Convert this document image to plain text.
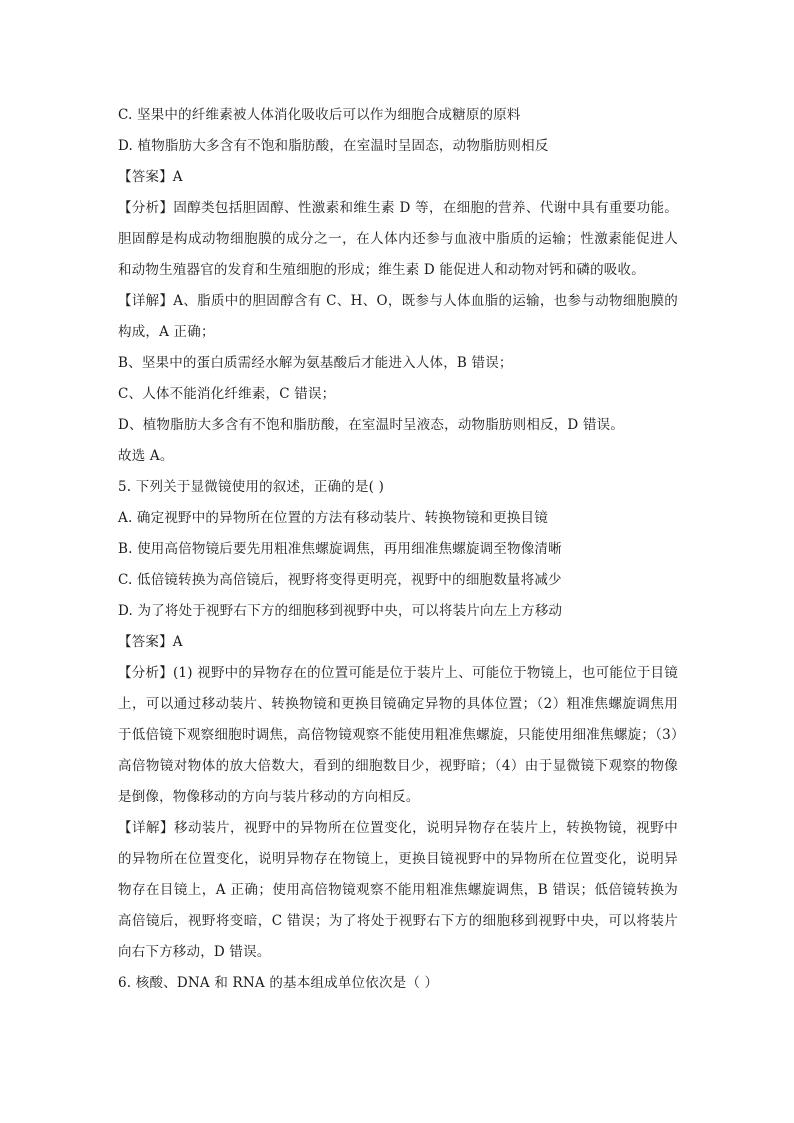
C. 坚果中的纤维素被人体消化吸收后可以作为细胞合成糖原的原料
D. 植物脂肪大多含有不饱和脂肪酸，在室温时呈固态，动物脂肪则相反
【答案】A
【分析】固醇类包括胆固醇、性激素和维生素 D 等，在细胞的营养、代谢中具有重要功能。胆固醇是构成动物细胞膜的成分之一，在人体内还参与血液中脂质的运输；性激素能促进人和动物生殖器官的发育和生殖细胞的形成；维生素 D 能促进人和动物对钙和磷的吸收。
【详解】A、脂质中的胆固醇含有 C、H、O，既参与人体血脂的运输，也参与动物细胞膜的构成，A 正确；
B、坚果中的蛋白质需经水解为氨基酸后才能进入人体，B 错误；
C、人体不能消化纤维素，C 错误；
D、植物脂肪大多含有不饱和脂肪酸，在室温时呈液态，动物脂肪则相反，D 错误。
故选 A。
5. 下列关于显微镜使用的叙述，正确的是( )
A. 确定视野中的异物所在位置的方法有移动装片、转换物镜和更换目镜
B. 使用高倍物镜后要先用粗准焦螺旋调焦，再用细准焦螺旋调至物像清晰
C. 低倍镜转换为高倍镜后，视野将变得更明亮，视野中的细胞数量将减少
D. 为了将处于视野右下方的细胞移到视野中央，可以将装片向左上方移动
【答案】A
【分析】(1) 视野中的异物存在的位置可能是位于装片上、可能位于物镜上，也可能位于目镜上，可以通过移动装片、转换物镜和更换目镜确定异物的具体位置；（2）粗准焦螺旋调焦用于低倍镜下观察细胞时调焦，高倍物镜观察不能使用粗准焦螺旋，只能使用细准焦螺旋；（3）高倍物镜对物体的放大倍数大，看到的细胞数目少，视野暗；（4）由于显微镜下观察的物像是倒像，物像移动的方向与装片移动的方向相反。
【详解】移动装片，视野中的异物所在位置变化，说明异物存在装片上，转换物镜，视野中的异物所在位置变化，说明异物存在物镜上，更换目镜视野中的异物所在位置变化，说明异物存在目镜上，A 正确；使用高倍物镜观察不能用粗准焦螺旋调焦，B 错误；低倍镜转换为高倍镜后，视野将变暗，C 错误；为了将处于视野右下方的细胞移到视野中央，可以将装片向右下方移动，D 错误。
6. 核酸、DNA 和 RNA 的基本组成单位依次是（ ）
